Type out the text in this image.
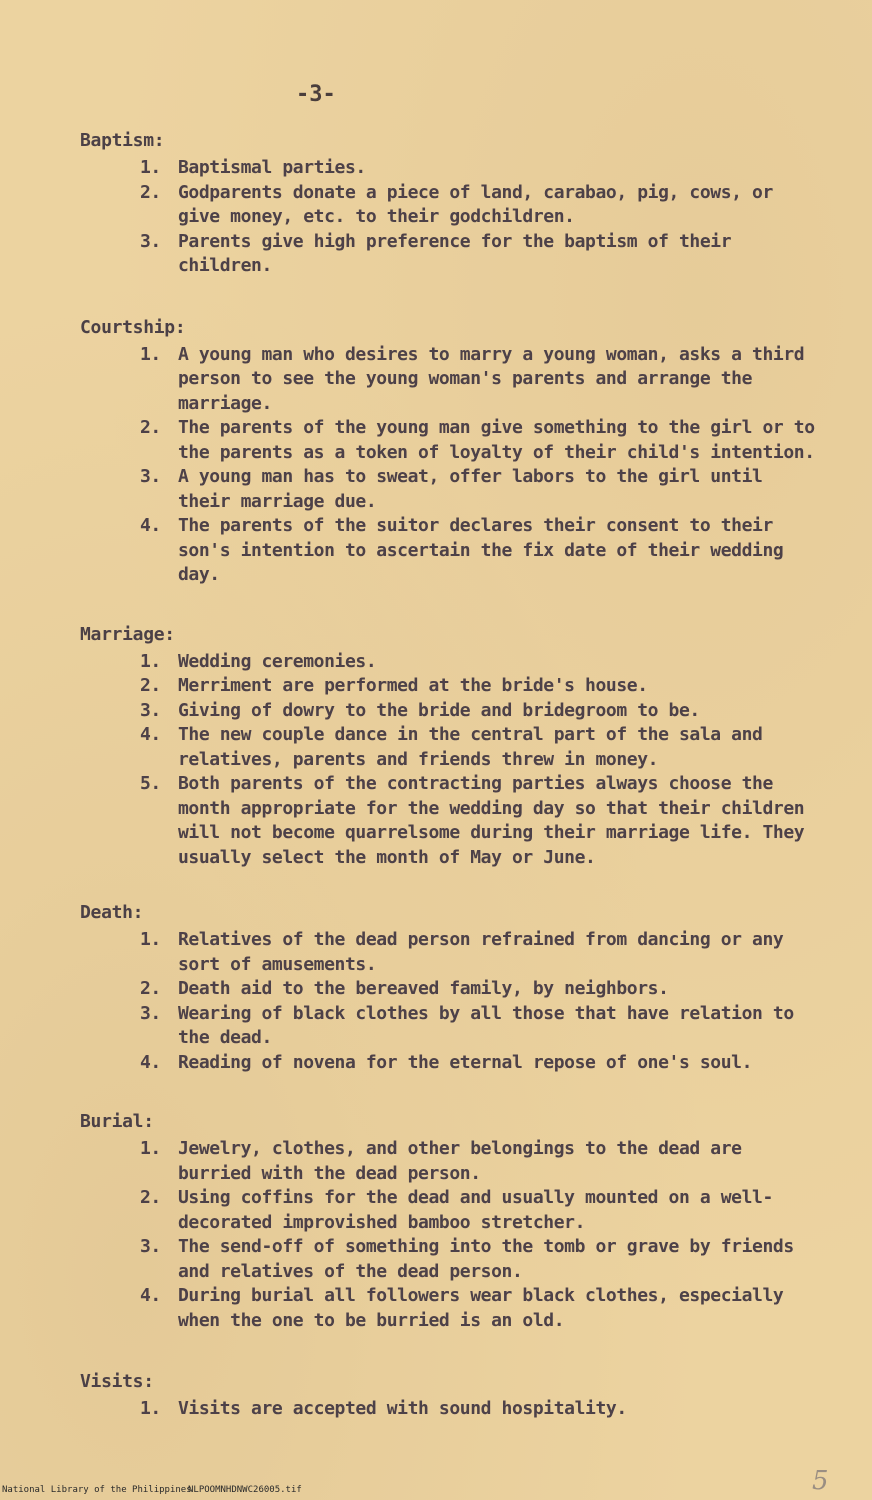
-3-
Baptism:
1. Baptismal parties.
2. Godparents donate a piece of land, carabao, pig, cows, or give money, etc. to their godchildren.
3. Parents give high preference for the baptism of their children.
Courtship:
1. A young man who desires to marry a young woman, asks a third person to see the young woman's parents and arrange the marriage.
2. The parents of the young man give something to the girl or to the parents as a token of loyalty of their child's intention.
3. A young man has to sweat, offer labors to the girl until their marriage due.
4. The parents of the suitor declares their consent to their son's intention to ascertain the fix date of their wedding day.
Marriage:
1. Wedding ceremonies.
2. Merriment are performed at the bride's house.
3. Giving of dowry to the bride and bridegroom to be.
4. The new couple dance in the central part of the sala and relatives, parents and friends threw in money.
5. Both parents of the contracting parties always choose the month appropriate for the wedding day so that their children will not become quarrelsome during their marriage life. They usually select the month of May or June.
Death:
1. Relatives of the dead person refrained from dancing or any sort of amusements.
2. Death aid to the bereaved family, by neighbors.
3. Wearing of black clothes by all those that have relation to the dead.
4. Reading of novena for the eternal repose of one's soul.
Burial:
1. Jewelry, clothes, and other belongings to the dead are burried with the dead person.
2. Using coffins for the dead and usually mounted on a well-decorated improvished bamboo stretcher.
3. The send-off of something into the tomb or grave by friends and relatives of the dead person.
4. During burial all followers wear black clothes, especially when the one to be burried is an old.
Visits:
1. Visits are accepted with sound hospitality.
5
National Library of the Philippines
NLPOOMNHDNWC26005.tif
